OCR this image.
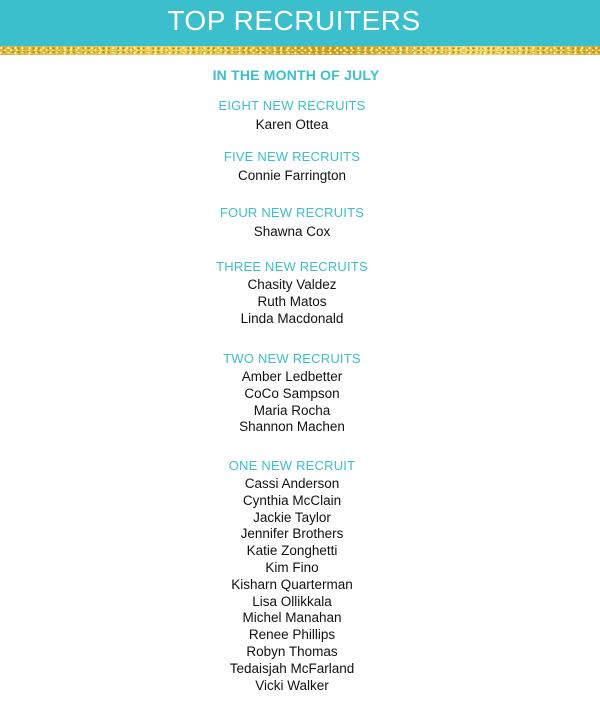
TOP RECRUITERS
IN THE MONTH OF JULY
EIGHT NEW RECRUITS
Karen Ottea
FIVE NEW RECRUITS
Connie Farrington
FOUR NEW RECRUITS
Shawna Cox
THREE NEW RECRUITS
Chasity Valdez
Ruth Matos
Linda Macdonald
TWO NEW RECRUITS
Amber Ledbetter
CoCo Sampson
Maria Rocha
Shannon Machen
ONE NEW RECRUIT
Cassi Anderson
Cynthia McClain
Jackie Taylor
Jennifer Brothers
Katie Zonghetti
Kim Fino
Kisharn Quarterman
Lisa Ollikkala
Michel Manahan
Renee Phillips
Robyn Thomas
Tedaisjah McFarland
Vicki Walker
